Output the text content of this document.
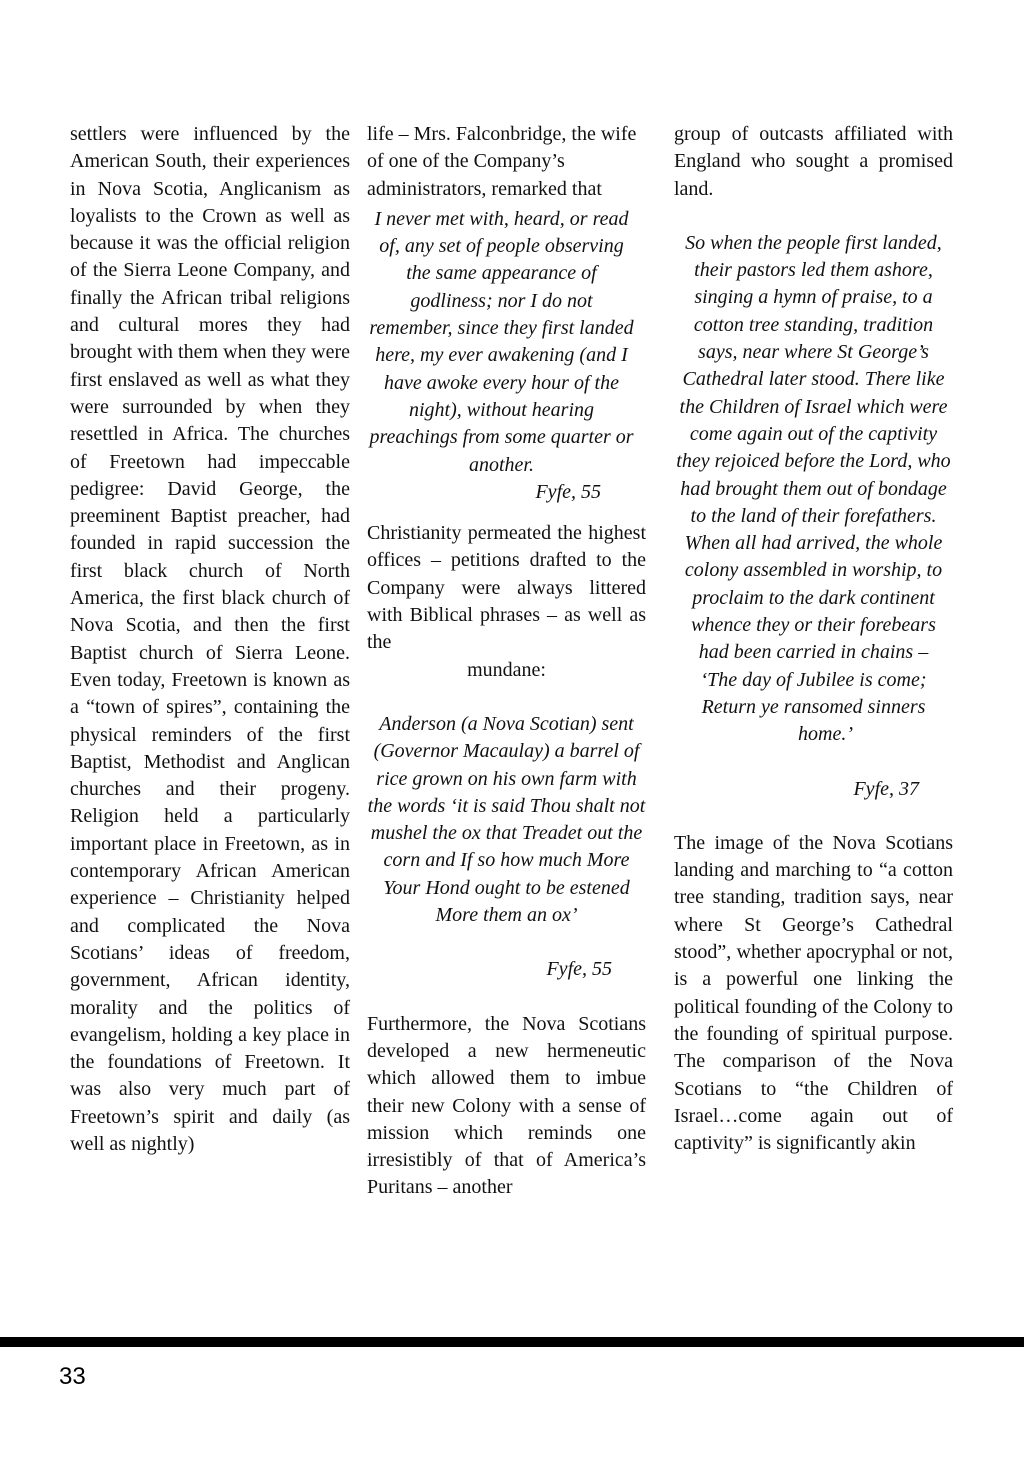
settlers were influenced by the American South, their experiences in Nova Scotia, Anglicanism as loyalists to the Crown as well as because it was the official religion of the Sierra Leone Company, and finally the African tribal religions and cultural mores they had brought with them when they were first enslaved as well as what they were surrounded by when they resettled in Africa. The churches of Freetown had impeccable pedigree: David George, the preeminent Baptist preacher, had founded in rapid succession the first black church of North America, the first black church of Nova Scotia, and then the first Baptist church of Sierra Leone. Even today, Freetown is known as a “town of spires”, containing the physical reminders of the first Baptist, Methodist and Anglican churches and their progeny. Religion held a particularly important place in Freetown, as in contemporary African American experience – Christianity helped and complicated the Nova Scotians’ ideas of freedom, government, African identity, morality and the politics of evangelism, holding a key place in the foundations of Freetown. It was also very much part of Freetown’s spirit and daily (as well as nightly)

life – Mrs. Falconbridge, the wife of one of the Company’s administrators, remarked that

I never met with, heard, or read of, any set of people observing the same appearance of godliness; nor I do not remember, since they first landed here, my ever awakening (and I have awoke every hour of the night), without hearing preachings from some quarter or another.

Fyfe, 55

Christianity permeated the highest offices – petitions drafted to the Company were always littered with Biblical phrases – as well as the

mundane:

Anderson (a Nova Scotian) sent (Governor Macaulay) a barrel of rice grown on his own farm with the words ‘it is said Thou shalt not mushel the ox that Treadet out the corn and If so how much More Your Hond ought to be estened More them an ox’

Fyfe, 55

Furthermore, the Nova Scotians developed a new hermeneutic which allowed them to imbue their new Colony with a sense of mission which reminds one irresistibly of that of America’s Puritans – another

group of outcasts affiliated with England who sought a promised land.

So when the people first landed, their pastors led them ashore, singing a hymn of praise, to a cotton tree standing, tradition says, near where St George’s Cathedral later stood. There like the Children of Israel which were come again out of the captivity they rejoiced before the Lord, who had brought them out of bondage to the land of their forefathers. When all had arrived, the whole colony assembled in worship, to proclaim to the dark continent whence they or their forebears had been carried in chains –

‘The day of Jubilee is come;

Return ye ransomed sinners

home.’

Fyfe, 37

The image of the Nova Scotians landing and marching to “a cotton tree standing, tradition says, near where St George’s Cathedral stood”, whether apocryphal or not, is a powerful one linking the political founding of the Colony to the founding of spiritual purpose. The comparison of the Nova Scotians to “the Children of Israel…come again out of captivity” is significantly akin

33
